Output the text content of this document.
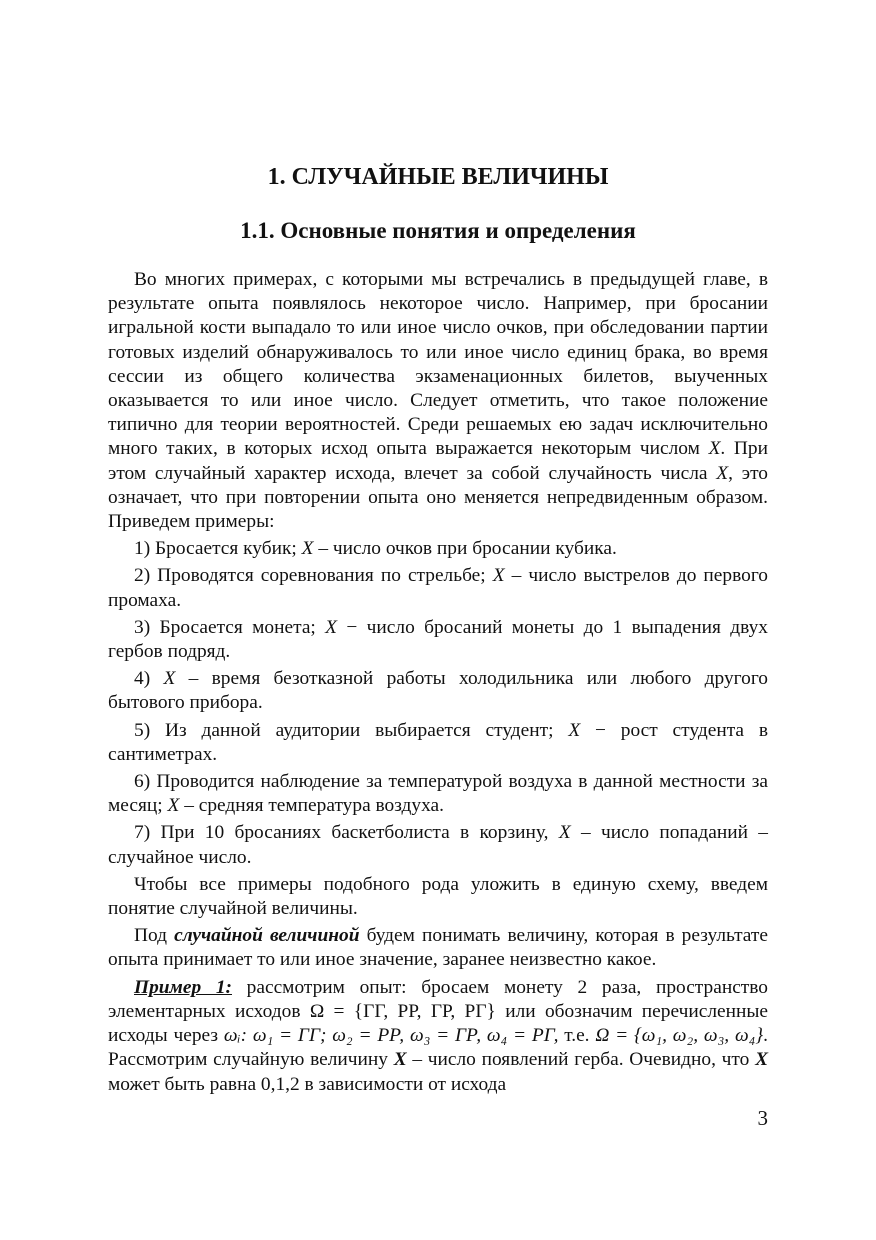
1. СЛУЧАЙНЫЕ ВЕЛИЧИНЫ
1.1. Основные понятия и определения

Во многих примерах, с которыми мы встречались в предыдущей главе, в результате опыта появлялось некоторое число. Например, при бросании игральной кости выпадало то или иное число очков, при обследовании партии готовых изделий обнаруживалось то или иное число единиц брака, во время сессии из общего количества экзаменационных билетов, выученных оказывается то или иное число. Следует отметить, что такое положение типично для теории вероятностей. Среди решаемых ею задач исключительно много таких, в которых исход опыта выражается некоторым числом X. При этом случайный характер исхода, влечет за собой случайность числа X, это означает, что при повторении опыта оно меняется непредвиденным образом. Приведем примеры:

1) Бросается кубик; X – число очков при бросании кубика.

2) Проводятся соревнования по стрельбе; X – число выстрелов до первого промаха.

3) Бросается монета; X − число бросаний монеты до 1 выпадения двух гербов подряд.

4) X – время безотказной работы холодильника или любого другого бытового прибора.

5) Из данной аудитории выбирается студент; X − рост студента в сантиметрах.

6) Проводится наблюдение за температурой воздуха в данной местности за месяц; X – средняя температура воздуха.

7) При 10 бросаниях баскетболиста в корзину, X – число попаданий – случайное число.

Чтобы все примеры подобного рода уложить в единую схему, введем понятие случайной величины.

Под случайной величиной будем понимать величину, которая в результате опыта принимает то или иное значение, заранее неизвестно какое.

Пример 1: рассмотрим опыт: бросаем монету 2 раза, пространство элементарных исходов Ω = {ГГ, РР, ГР, РГ} или обозначим перечисленные исходы через ωᵢ: ω₁ = ГГ; ω₂ = РР, ω₃ = ГР, ω₄ = РГ, т.е. Ω = {ω₁, ω₂, ω₃, ω₄}. Рассмотрим случайную величину X – число появлений герба. Очевидно, что X может быть равна 0,1,2 в зависимости от исхода

3
